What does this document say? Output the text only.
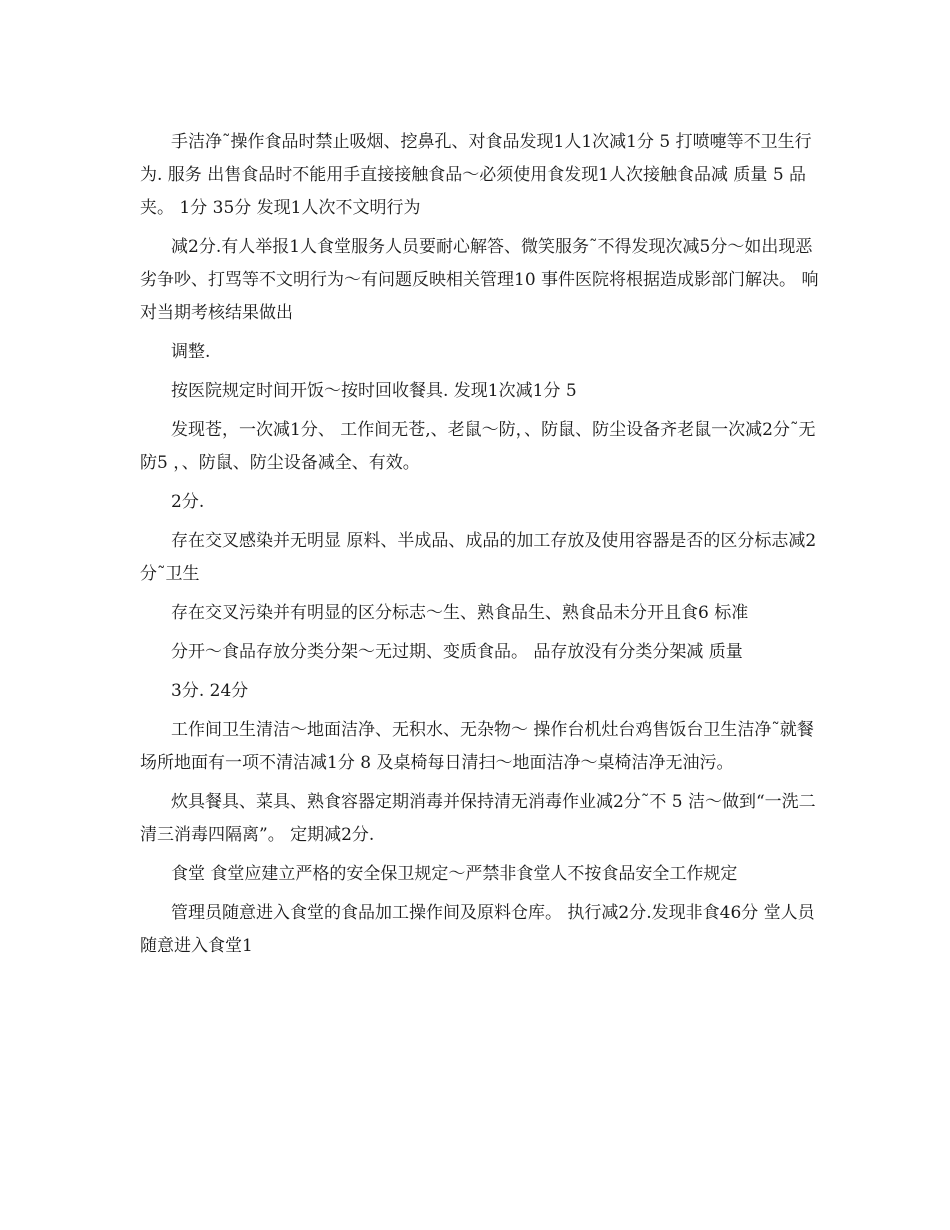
手洁净˜操作食品时禁止吸烟、挖鼻孔、对食品发现1人1次减1分 5 打喷嚏等不卫生行为. 服务 出售食品时不能用手直接接触食品～必须使用食发现1人次接触食品减 质量 5 品夹。 1分 35分 发现1人次不文明行为

减2分.有人举报1人食堂服务人员要耐心解答、微笑服务˜不得发现次减5分～如出现恶劣争吵、打骂等不文明行为～有问题反映相关管理10 事件医院将根据造成影部门解决。 响对当期考核结果做出

调整.

按医院规定时间开饭～按时回收餐具. 发现1次减1分 5

发现苍，一次减1分、 工作间无苍,、老鼠～防，、防鼠、防尘设备齐老鼠一次减2分˜无防5 ，、防鼠、防尘设备减全、有效。

2分.

存在交叉感染并无明显 原料、半成品、成品的加工存放及使用容器是否的区分标志减2分˜卫生

存在交叉污染并有明显的区分标志～生、熟食品生、熟食品未分开且食6 标准

分开～食品存放分类分架～无过期、变质食品。 品存放没有分类分架减 质量

3分. 24分

工作间卫生清洁～地面洁净、无积水、无杂物～ 操作台机灶台鸡售饭台卫生洁净˜就餐场所地面有一项不清洁减1分 8 及桌椅每日清扫～地面洁净～桌椅洁净无油污。

炊具餐具、菜具、熟食容器定期消毒并保持清无消毒作业减2分˜不 5 洁～做到“一洗二清三消毒四隔离”。 定期减2分.

食堂 食堂应建立严格的安全保卫规定～严禁非食堂人不按食品安全工作规定

管理员随意进入食堂的食品加工操作间及原料仓库。 执行减2分.发现非食46分 堂人员随意进入食堂1
